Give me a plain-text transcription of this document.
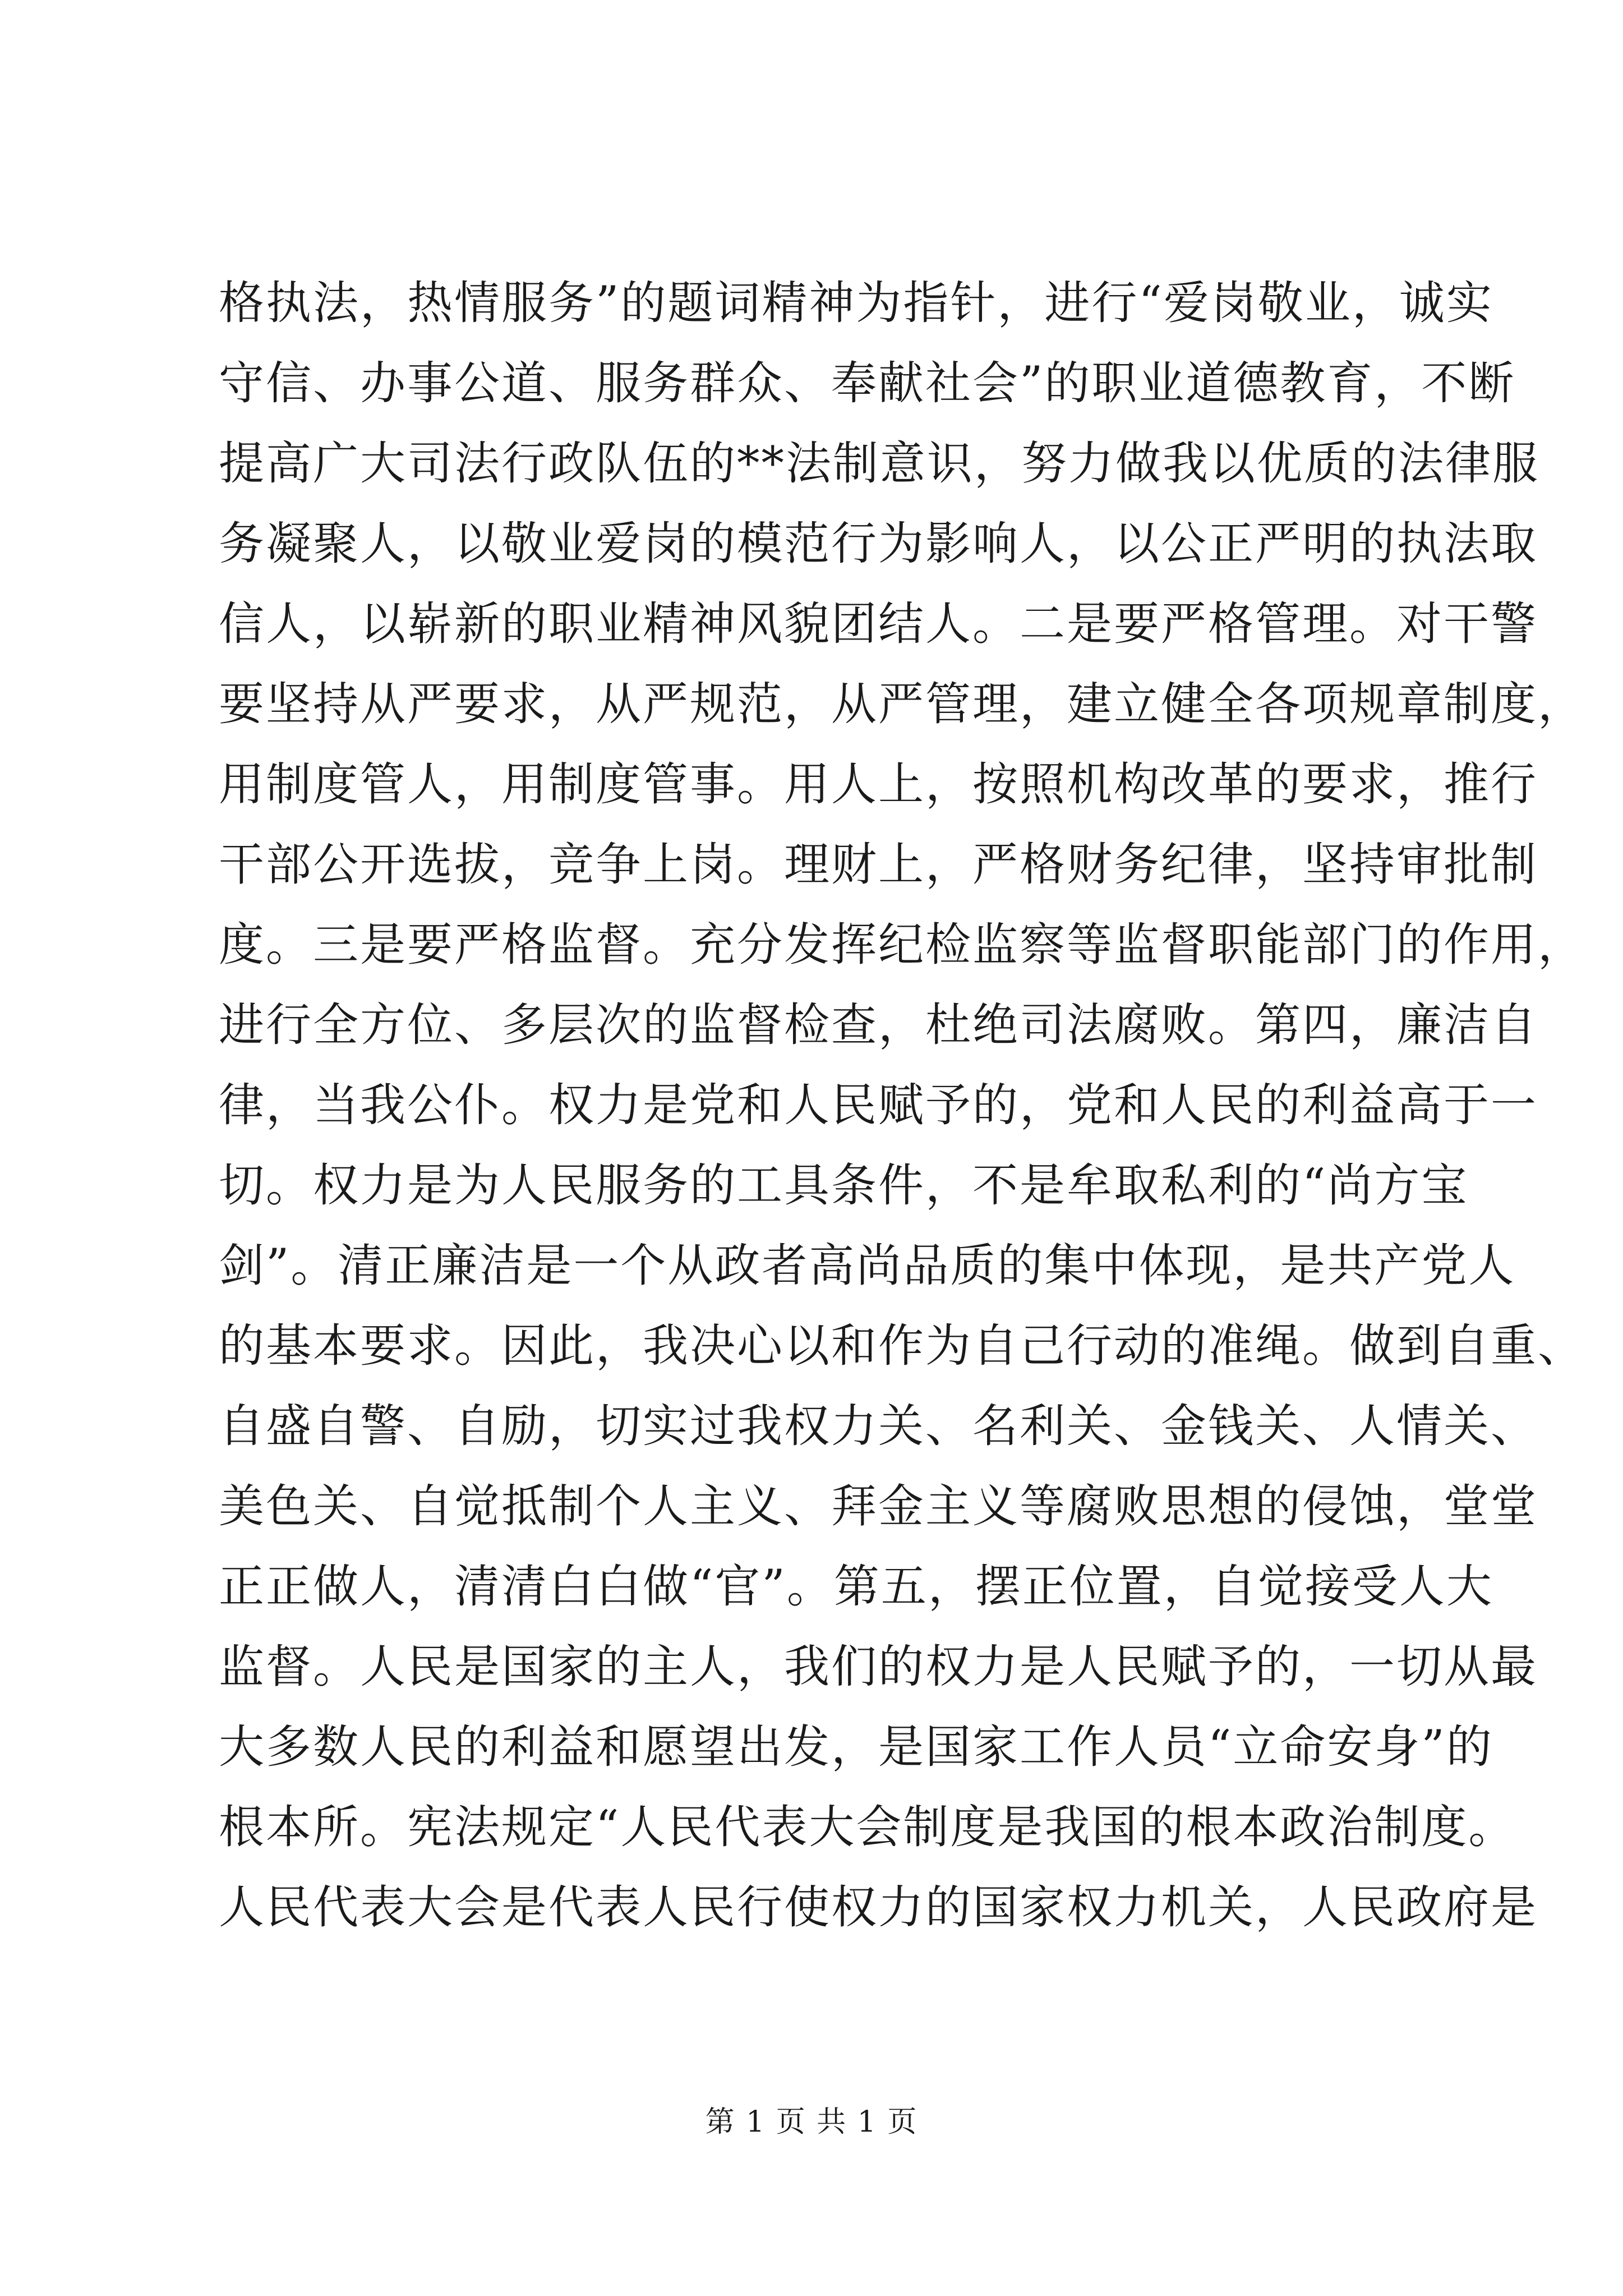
格执法，热情服务”的题词精神为指针，进行“爱岗敬业，诚实
守信、办事公道、服务群众、奉献社会”的职业道德教育，不断
提高广大司法行政队伍的**法制意识，努力做我以优质的法律服
务凝聚人，以敬业爱岗的模范行为影响人，以公正严明的执法取
信人，以崭新的职业精神风貌团结人。二是要严格管理。对干警
要坚持从严要求，从严规范，从严管理，建立健全各项规章制度，
用制度管人，用制度管事。用人上，按照机构改革的要求，推行
干部公开选拔，竞争上岗。理财上，严格财务纪律，坚持审批制
度。三是要严格监督。充分发挥纪检监察等监督职能部门的作用，
进行全方位、多层次的监督检查，杜绝司法腐败。第四，廉洁自
律，当我公仆。权力是党和人民赋予的，党和人民的利益高于一
切。权力是为人民服务的工具条件，不是牟取私利的“尚方宝
剑”。清正廉洁是一个从政者高尚品质的集中体现，是共产党人
的基本要求。因此，我决心以和作为自己行动的准绳。做到自重、
自盛自警、自励，切实过我权力关、名利关、金钱关、人情关、
美色关、自觉抵制个人主义、拜金主义等腐败思想的侵蚀，堂堂
正正做人，清清白白做“官”。第五，摆正位置，自觉接受人大
监督。人民是国家的主人，我们的权力是人民赋予的，一切从最
大多数人民的利益和愿望出发，是国家工作人员“立命安身”的
根本所。宪法规定“人民代表大会制度是我国的根本政治制度。
人民代表大会是代表人民行使权力的国家权力机关，人民政府是
第 1 页 共 1 页
